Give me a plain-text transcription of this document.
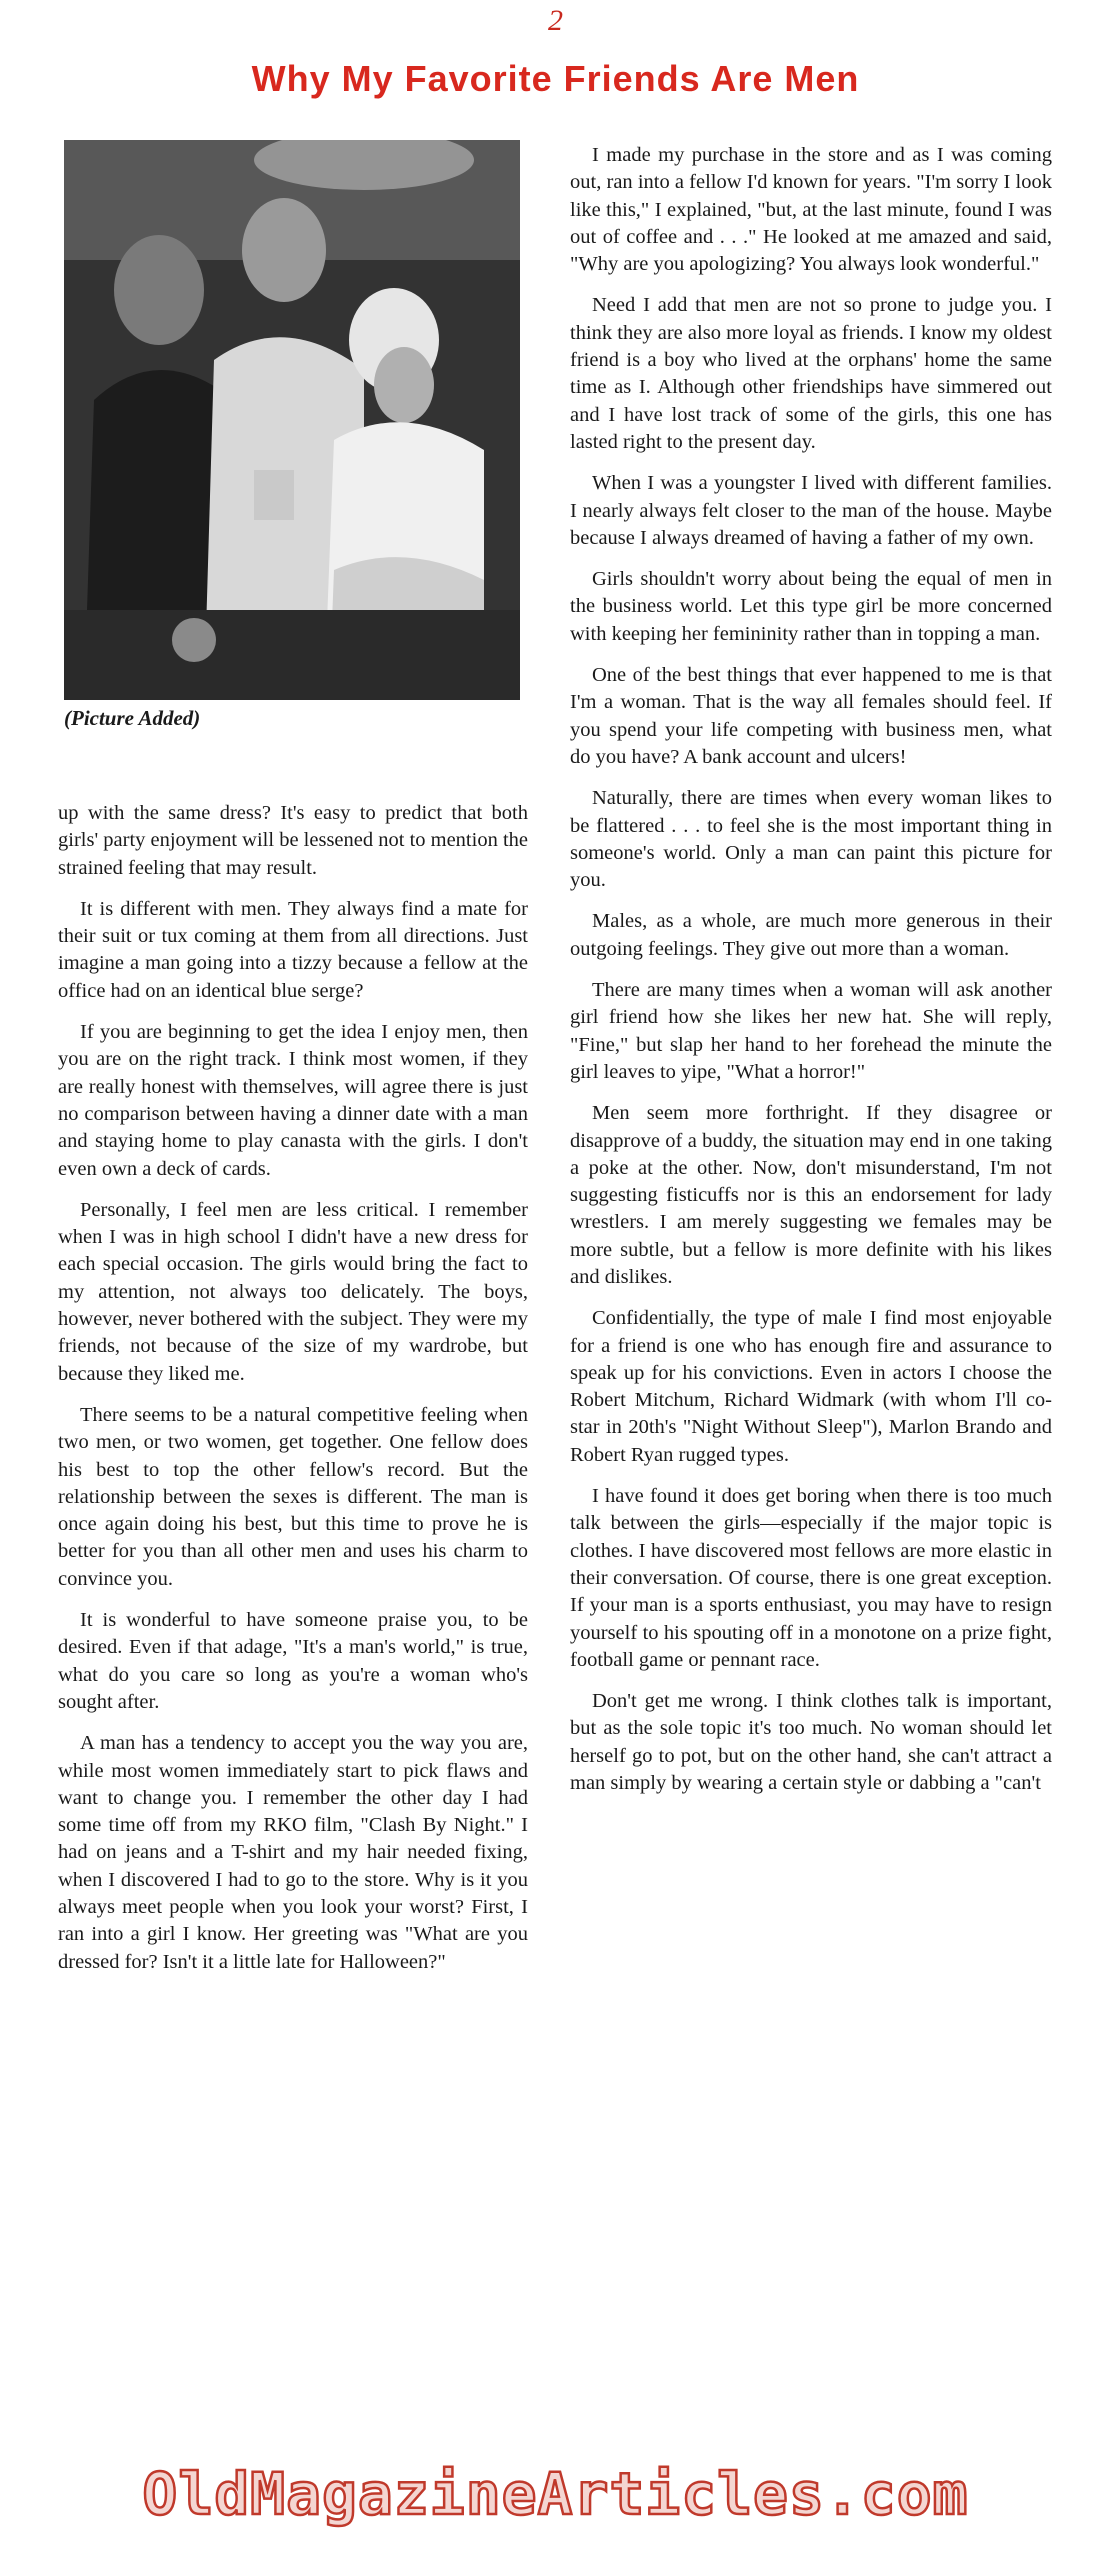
2
Why My Favorite Friends Are Men
(Picture Added)

up with the same dress? It's easy to predict that both girls' party enjoyment will be lessened not to mention the strained feeling that may result.

It is different with men. They always find a mate for their suit or tux coming at them from all directions. Just imagine a man going into a tizzy because a fellow at the office had on an identical blue serge?

If you are beginning to get the idea I enjoy men, then you are on the right track. I think most women, if they are really honest with themselves, will agree there is just no comparison between having a dinner date with a man and staying home to play canasta with the girls. I don't even own a deck of cards.

Personally, I feel men are less critical. I remember when I was in high school I didn't have a new dress for each special occasion. The girls would bring the fact to my attention, not always too delicately. The boys, however, never bothered with the subject. They were my friends, not because of the size of my wardrobe, but because they liked me.

There seems to be a natural competitive feeling when two men, or two women, get together. One fellow does his best to top the other fellow's record. But the relationship between the sexes is different. The man is once again doing his best, but this time to prove he is better for you than all other men and uses his charm to convince you.

It is wonderful to have someone praise you, to be desired. Even if that adage, "It's a man's world," is true, what do you care so long as you're a woman who's sought after.

A man has a tendency to accept you the way you are, while most women immediately start to pick flaws and want to change you. I remember the other day I had some time off from my RKO film, "Clash By Night." I had on jeans and a T-shirt and my hair needed fixing, when I discovered I had to go to the store. Why is it you always meet people when you look your worst? First, I ran into a girl I know. Her greeting was "What are you dressed for? Isn't it a little late for Halloween?"

I made my purchase in the store and as I was coming out, ran into a fellow I'd known for years. "I'm sorry I look like this," I explained, "but, at the last minute, found I was out of coffee and . . ." He looked at me amazed and said, "Why are you apologizing? You always look wonderful."

Need I add that men are not so prone to judge you. I think they are also more loyal as friends. I know my oldest friend is a boy who lived at the orphans' home the same time as I. Although other friendships have simmered out and I have lost track of some of the girls, this one has lasted right to the present day.

When I was a youngster I lived with different families. I nearly always felt closer to the man of the house. Maybe because I always dreamed of having a father of my own.

Girls shouldn't worry about being the equal of men in the business world. Let this type girl be more concerned with keeping her femininity rather than in topping a man.

One of the best things that ever happened to me is that I'm a woman. That is the way all females should feel. If you spend your life competing with business men, what do you have? A bank account and ulcers!

Naturally, there are times when every woman likes to be flattered . . . to feel she is the most important thing in someone's world. Only a man can paint this picture for you.

Males, as a whole, are much more generous in their outgoing feelings. They give out more than a woman.

There are many times when a woman will ask another girl friend how she likes her new hat. She will reply, "Fine," but slap her hand to her forehead the minute the girl leaves to yipe, "What a horror!"

Men seem more forthright. If they disagree or disapprove of a buddy, the situation may end in one taking a poke at the other. Now, don't misunderstand, I'm not suggesting fisticuffs nor is this an endorsement for lady wrestlers. I am merely suggesting we females may be more subtle, but a fellow is more definite with his likes and dislikes.

Confidentially, the type of male I find most enjoyable for a friend is one who has enough fire and assurance to speak up for his convictions. Even in actors I choose the Robert Mitchum, Richard Widmark (with whom I'll co-star in 20th's "Night Without Sleep"), Marlon Brando and Robert Ryan rugged types.

I have found it does get boring when there is too much talk between the girls—especially if the major topic is clothes. I have discovered most fellows are more elastic in their conversation. Of course, there is one great exception. If your man is a sports enthusiast, you may have to resign yourself to his spouting off in a monotone on a prize fight, football game or pennant race.

Don't get me wrong. I think clothes talk is important, but as the sole topic it's too much. No woman should let herself go to pot, but on the other hand, she can't attract a man simply by wearing a certain style or dabbing a "can't

OldMagazineArticles.com
